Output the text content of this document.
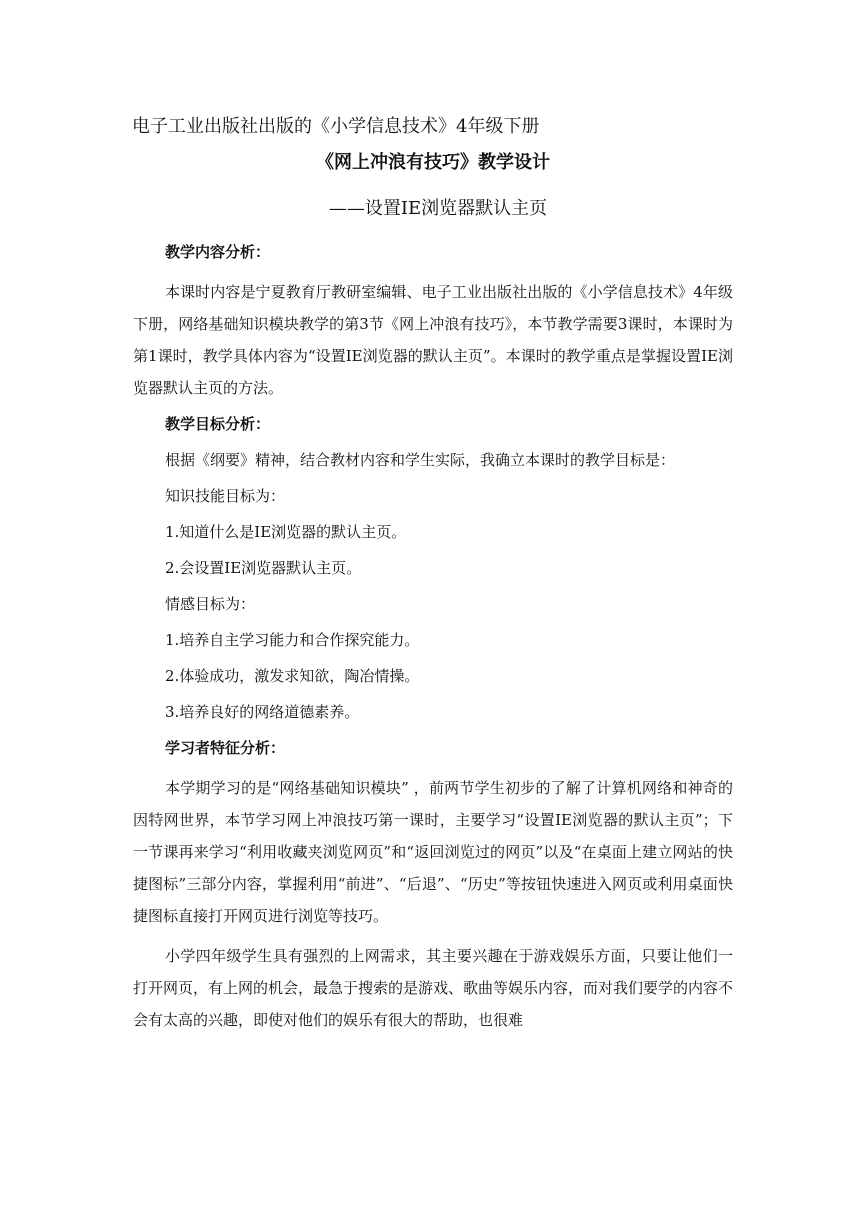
电子工业出版社出版的《小学信息技术》4年级下册
《网上冲浪有技巧》教学设计
——设置IE浏览器默认主页
教学内容分析：

本课时内容是宁夏教育厅教研室编辑、电子工业出版社出版的《小学信息技术》4年级下册，网络基础知识模块教学的第3节《网上冲浪有技巧》，本节教学需要3课时，本课时为第1课时，教学具体内容为“设置IE浏览器的默认主页”。本课时的教学重点是掌握设置IE浏览器默认主页的方法。

教学目标分析：
根据《纲要》精神，结合教材内容和学生实际，我确立本课时的教学目标是：
知识技能目标为：
1.知道什么是IE浏览器的默认主页。
2.会设置IE浏览器默认主页。
情感目标为：
1.培养自主学习能力和合作探究能力。
2.体验成功，激发求知欲，陶冶情操。
3.培养良好的网络道德素养。
学习者特征分析：

本学期学习的是“网络基础知识模块” ，前两节学生初步的了解了计算机网络和神奇的因特网世界，本节学习网上冲浪技巧第一课时，主要学习“设置IE浏览器的默认主页”；下一节课再来学习“利用收藏夹浏览网页”和“返回浏览过的网页”以及“在桌面上建立网站的快捷图标”三部分内容，掌握利用“前进”、“后退”、“历史”等按钮快速进入网页或利用桌面快捷图标直接打开网页进行浏览等技巧。

小学四年级学生具有强烈的上网需求，其主要兴趣在于游戏娱乐方面，只要让他们一打开网页，有上网的机会，最急于搜索的是游戏、歌曲等娱乐内容，而对我们要学的内容不会有太高的兴趣，即使对他们的娱乐有很大的帮助，也很难
